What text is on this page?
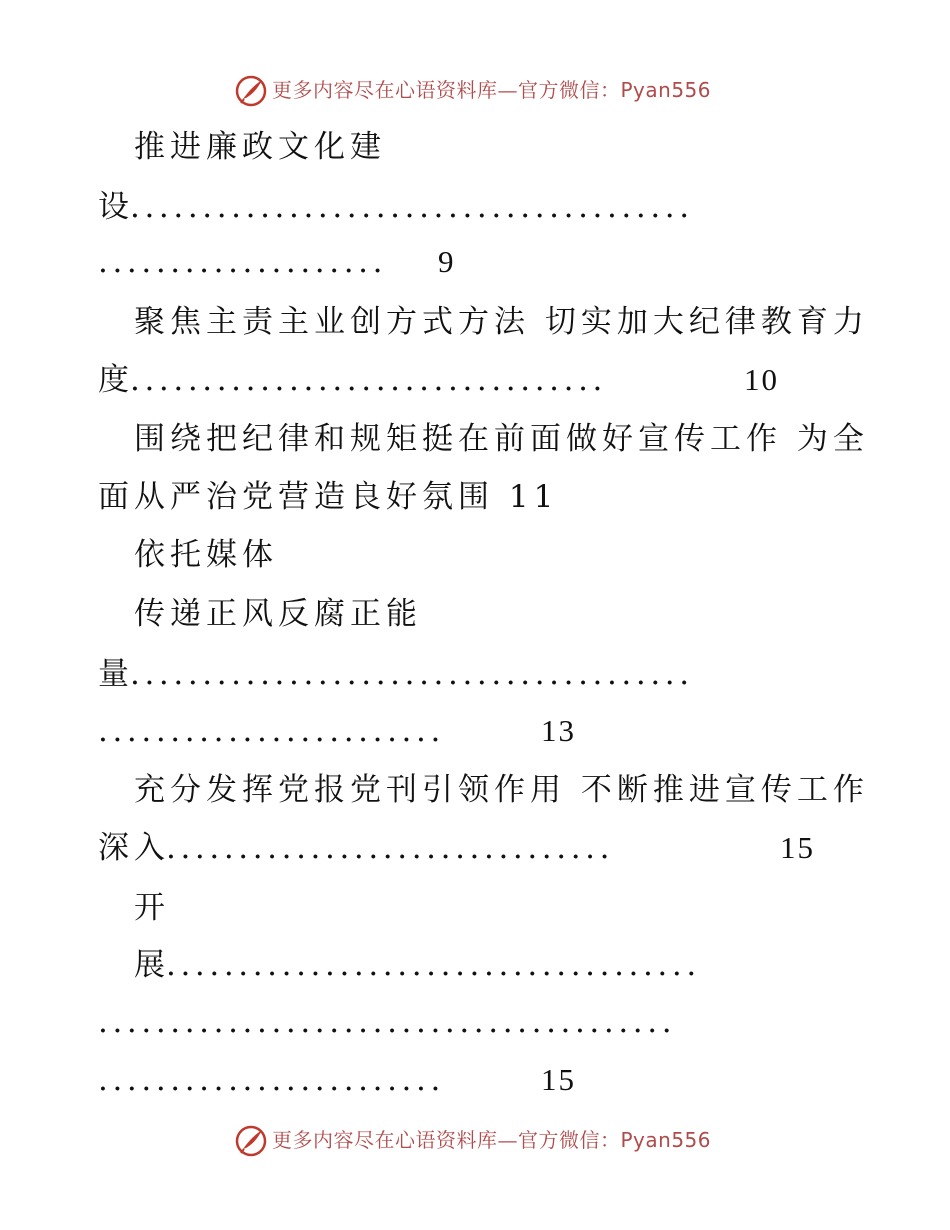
更多内容尽在心语资料库—官方微信：Pyan556
推进廉政文化建
设
.......................................
.................... 9
聚焦主责主业创方式方法 切实加大纪律教育力
度
.................................	10
围绕把纪律和规矩挺在前面做好宣传工作 为全
面从严治党营造良好氛围 11
依托媒体
传递正风反腐正能
量
.......................................
........................	13
充分发挥党报党刊引领作用 不断推进宣传工作
深入
...............................	15
开
展
.....................................
........................................
........................	15
更多内容尽在心语资料库—官方微信：Pyan556
